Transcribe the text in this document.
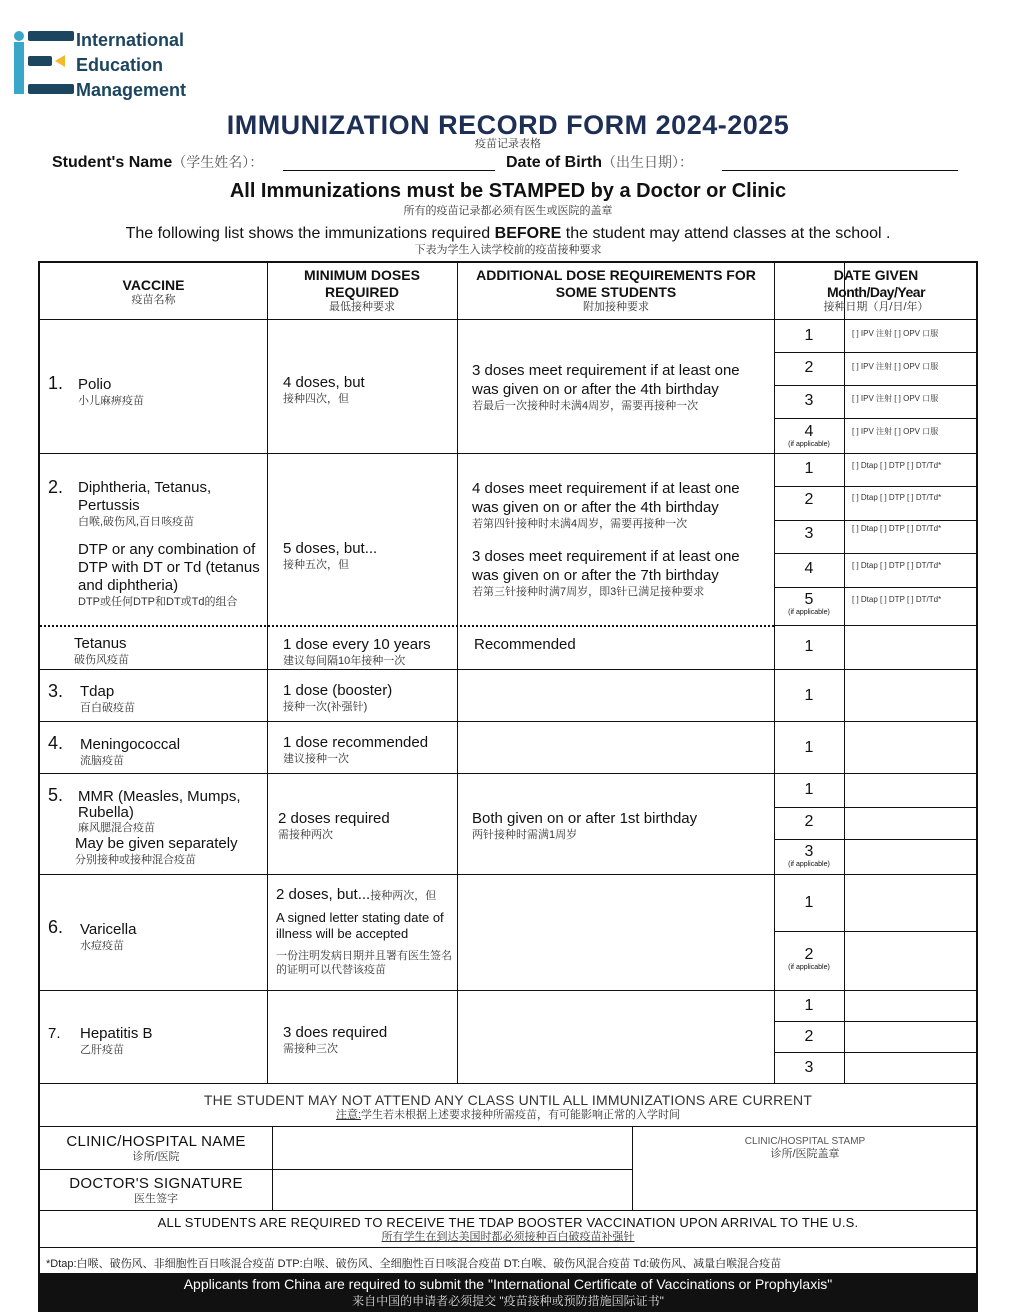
International
Education
Management
IMMUNIZATION RECORD FORM 2024-2025
疫苗记录表格
Student's Name（学生姓名）：	Date of Birth（出生日期）：
All Immunizations must be STAMPED by a Doctor or Clinic
所有的疫苗记录都必须有医生或医院的盖章
The following list shows the immunizations required BEFORE the student may attend classes at the school .
下表为学生入读学校前的疫苗接种要求
VACCINE
疫苗名称
MINIMUM DOSES REQUIRED
最低接种要求
ADDITIONAL DOSE REQUIREMENTS FOR SOME STUDENTS
附加接种要求
DATE GIVEN
Month/Day/Year
接种日期（月/日/年）
1. Polio
小儿麻痹疫苗
4 doses, but
接种四次，但
3 doses meet requirement if at least one was given on or after the 4th birthday
若最后一次接种时未满4周岁，需要再接种一次
1
2
3
4
(if applicable)
[ ] IPV 注射 [ ] OPV 口服
[ ] IPV 注射 [ ] OPV 口服
[ ] IPV 注射 [ ] OPV 口服
[ ] IPV 注射 [ ] OPV 口服
2. Diphtheria, Tetanus, Pertussis
白喉,破伤风,百日咳疫苗
DTP or any combination of DTP with DT or Td (tetanus and diphtheria)
DTP或任何DTP和DT或Td的组合
5 doses, but...
接种五次，但
4 doses meet requirement if at least one was given on or after the 4th birthday
若第四针接种时未满4周岁，需要再接种一次
3 doses meet requirement if at least one was given on or after the 7th birthday
若第三针接种时满7周岁，即3针已满足接种要求
1
2
3
4
5
(if applicable)
[ ] Dtap [ ] DTP [ ] DT/Td*
[ ] Dtap [ ] DTP [ ] DT/Td*
[ ] Dtap [ ] DTP [ ] DT/Td*
[ ] Dtap [ ] DTP [ ] DT/Td*
[ ] Dtap [ ] DTP [ ] DT/Td*
Tetanus
破伤风疫苗
1 dose every 10 years
建议每间隔10年接种一次
Recommended	1
3. Tdap
百白破疫苗
1 dose (booster)
接种一次(补强针)
1
4. Meningococcal
流脑疫苗
1 dose recommended
建议接种一次
1
5. MMR (Measles, Mumps, Rubella)
麻风腮混合疫苗
May be given separately
分别接种或接种混合疫苗
2 doses required
需接种两次
Both given on or after 1st birthday
两针接种时需满1周岁
1
2
3
(if applicable)
6. Varicella
水痘疫苗
2 doses, but...接种两次，但
A signed letter stating date of illness will be accepted
一份注明发病日期并且署有医生签名的证明可以代替该疫苗
1
2
(if applicable)
7. Hepatitis B
乙肝疫苗
3 does required
需接种三次
1
2
3
THE STUDENT MAY NOT ATTEND ANY CLASS UNTIL ALL IMMUNIZATIONS ARE CURRENT
注意:学生若未根据上述要求接种所需疫苗，有可能影响正常的入学时间
CLINIC/HOSPITAL NAME
诊所/医院
DOCTOR'S SIGNATURE
医生签字
CLINIC/HOSPITAL STAMP
诊所/医院盖章
ALL STUDENTS ARE REQUIRED TO RECEIVE THE TDAP BOOSTER VACCINATION UPON ARRIVAL TO THE U.S.
所有学生在到达美国时都必须接种百白破疫苗补强针
*Dtap:白喉、破伤风、非细胞性百日咳混合疫苗 DTP:白喉、破伤风、全细胞性百日咳混合疫苗 DT:白喉、破伤风混合疫苗 Td:破伤风、减量白喉混合疫苗
Applicants from China are required to submit the "International Certificate of Vaccinations or Prophylaxis"
来自中国的申请者必须提交 "疫苗接种或预防措施国际证书"
